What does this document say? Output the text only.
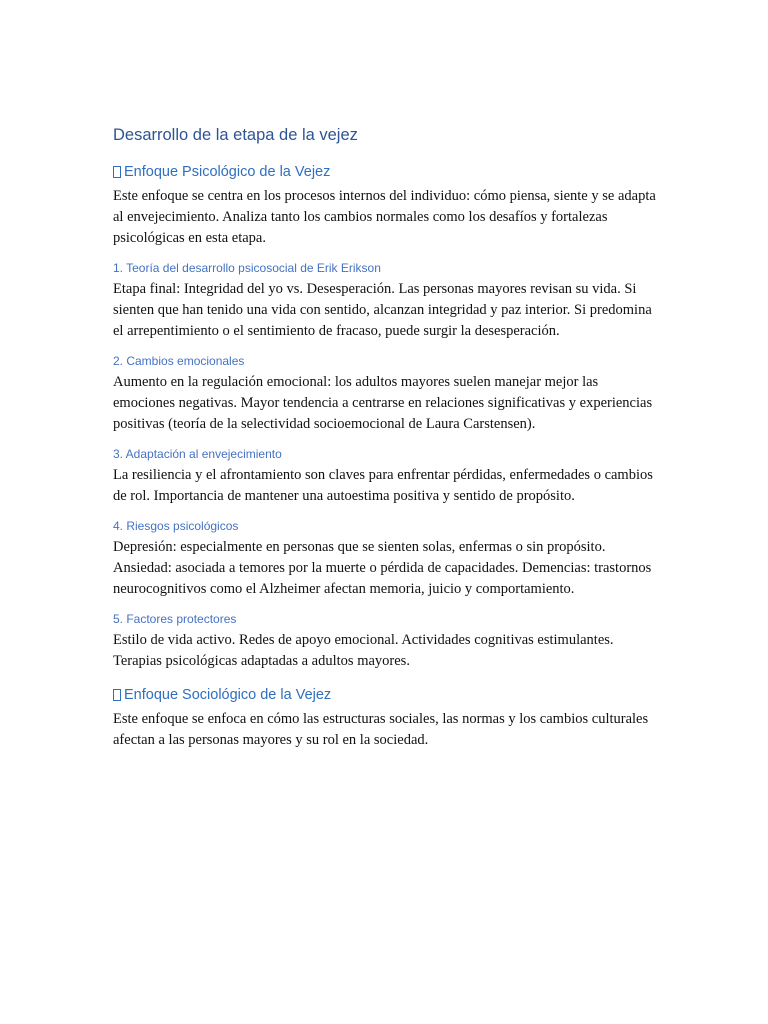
Desarrollo de la etapa de la vejez
Enfoque Psicológico de la Vejez

Este enfoque se centra en los procesos internos del individuo: cómo piensa, siente y se adapta al envejecimiento. Analiza tanto los cambios normales como los desafíos y fortalezas psicológicas en esta etapa.

1. Teoría del desarrollo psicosocial de Erik Erikson

Etapa final: Integridad del yo vs. Desesperación. Las personas mayores revisan su vida. Si sienten que han tenido una vida con sentido, alcanzan integridad y paz interior. Si predomina el arrepentimiento o el sentimiento de fracaso, puede surgir la desesperación.

2. Cambios emocionales

Aumento en la regulación emocional: los adultos mayores suelen manejar mejor las emociones negativas. Mayor tendencia a centrarse en relaciones significativas y experiencias positivas (teoría de la selectividad socioemocional de Laura Carstensen).

3. Adaptación al envejecimiento

La resiliencia y el afrontamiento son claves para enfrentar pérdidas, enfermedades o cambios de rol. Importancia de mantener una autoestima positiva y sentido de propósito.

4. Riesgos psicológicos

Depresión: especialmente en personas que se sienten solas, enfermas o sin propósito. Ansiedad: asociada a temores por la muerte o pérdida de capacidades. Demencias: trastornos neurocognitivos como el Alzheimer afectan memoria, juicio y comportamiento.

5. Factores protectores

Estilo de vida activo. Redes de apoyo emocional. Actividades cognitivas estimulantes. Terapias psicológicas adaptadas a adultos mayores.

Enfoque Sociológico de la Vejez

Este enfoque se enfoca en cómo las estructuras sociales, las normas y los cambios culturales afectan a las personas mayores y su rol en la sociedad.
